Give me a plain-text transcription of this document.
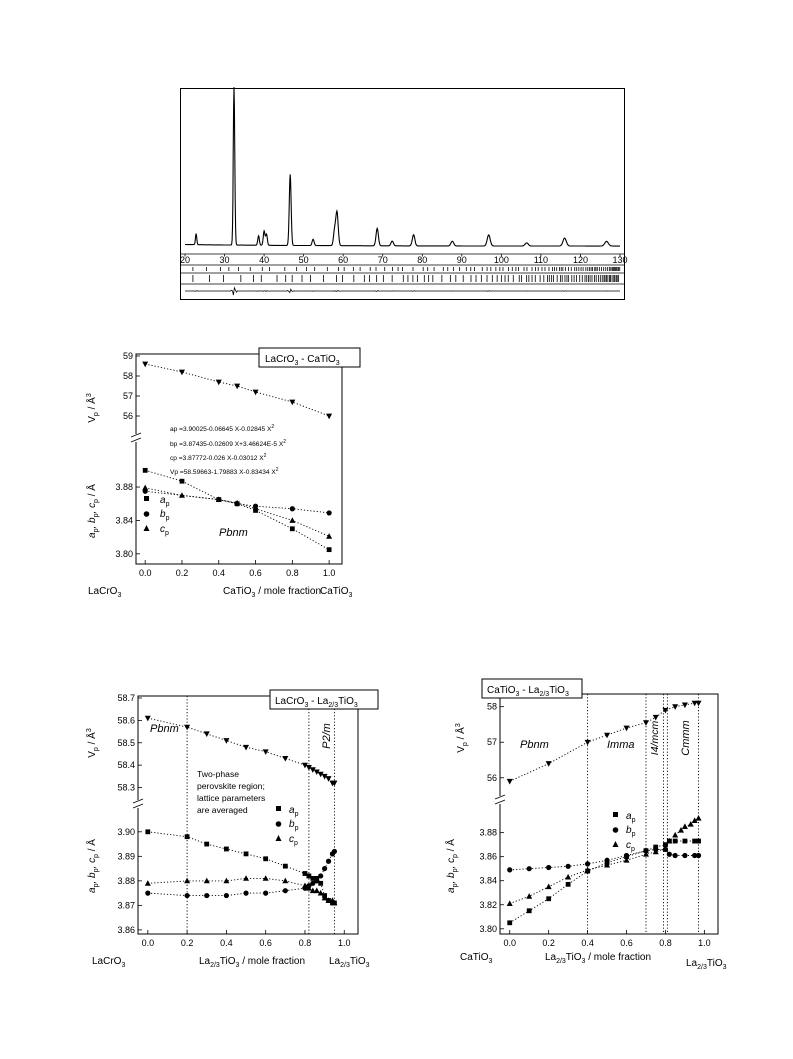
20	30	40	50	60	70	80	90	100	110	120	130
56
57
58
59
3.80
3.84
3.88
0.0	0.2	0.4	0.6	0.8	1.0
LaCrO$_3$ - CaTiO$_3$
ap =3.90025-0.06645 X-0.02845 $X^2$
bp =3.87435-0.02609 X+3.46624E-5 $X^2$
cp =3.87772-0.026 X-0.03012 $X^2$
Vp =58.59663-1.79883 X-0.83434 $X^2$
$V_p$ / $Å^3$
$a_p$, $b_p$, $c_p$ / Å
$a_p$
$b_p$
$c_p$	Pbnm
CaTiO$_3$ / mole fraction
LaCrO$_3$	CaTiO$_3$
58.3
58.4
58.5
58.6
58.7
3.86
3.87
3.88
3.89
3.90
0.0	0.2	0.4	0.6	0.8	1.0
LaCrO$_3$ - $La_{2/3}TiO_3$
$V_p$ / $Å^3$
$a_p$, $b_p$, $c_p$ / Å
Pbnm	P2/m
Two-phase
perovskite region;
lattice parameters
are averaged	$a_p$
$b_p$
$c_p$
$La_{2/3}TiO_3$ / mole fraction
LaCrO$_3$	$La_{2/3}TiO_3$
56
57
58
3.80
3.82
3.84
3.86
3.88
0.0	0.2	0.4	0.6	0.8	1.0
CaTiO$_3$ - $La_{2/3}TiO_3$
$V_p$ / $Å^3$
$a_p$, $b_p$, $c_p$ / Å
Pbnm	Imma I4/mcm Cmmm
$a_p$
$b_p$
$c_p$
$La_{2/3}TiO_3$ / mole fraction
CaTiO$_3$	$La_{2/3}TiO_3$
